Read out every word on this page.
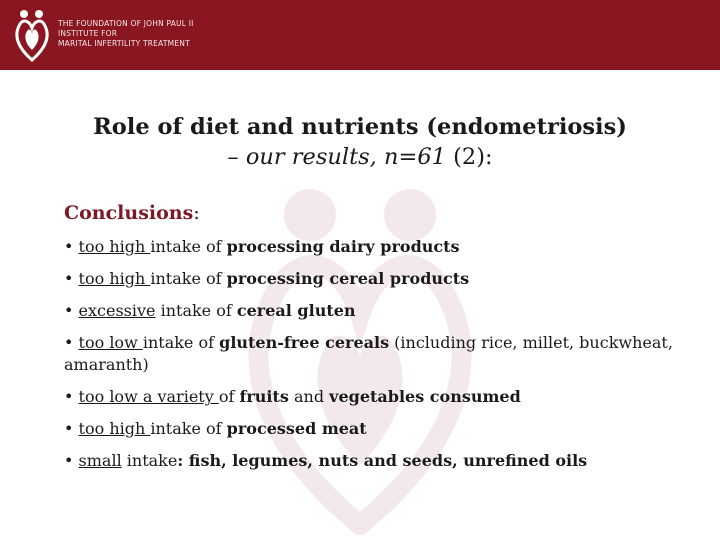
THE FOUNDATION OF JOHN PAUL II
INSTITUTE FOR
MARITAL INFERTILITY TREATMENT
Role of diet and nutrients (endometriosis)
– our results, n=61 (2):
Conclusions:
• too high intake of processing dairy products
• too high intake of processing cereal products
• excessive intake of cereal gluten
• too low intake of gluten-free cereals (including rice, millet, buckwheat, amaranth)
• too low a variety of fruits and vegetables consumed
• too high intake of processed meat
• small intake: fish, legumes, nuts and seeds, unrefined oils
